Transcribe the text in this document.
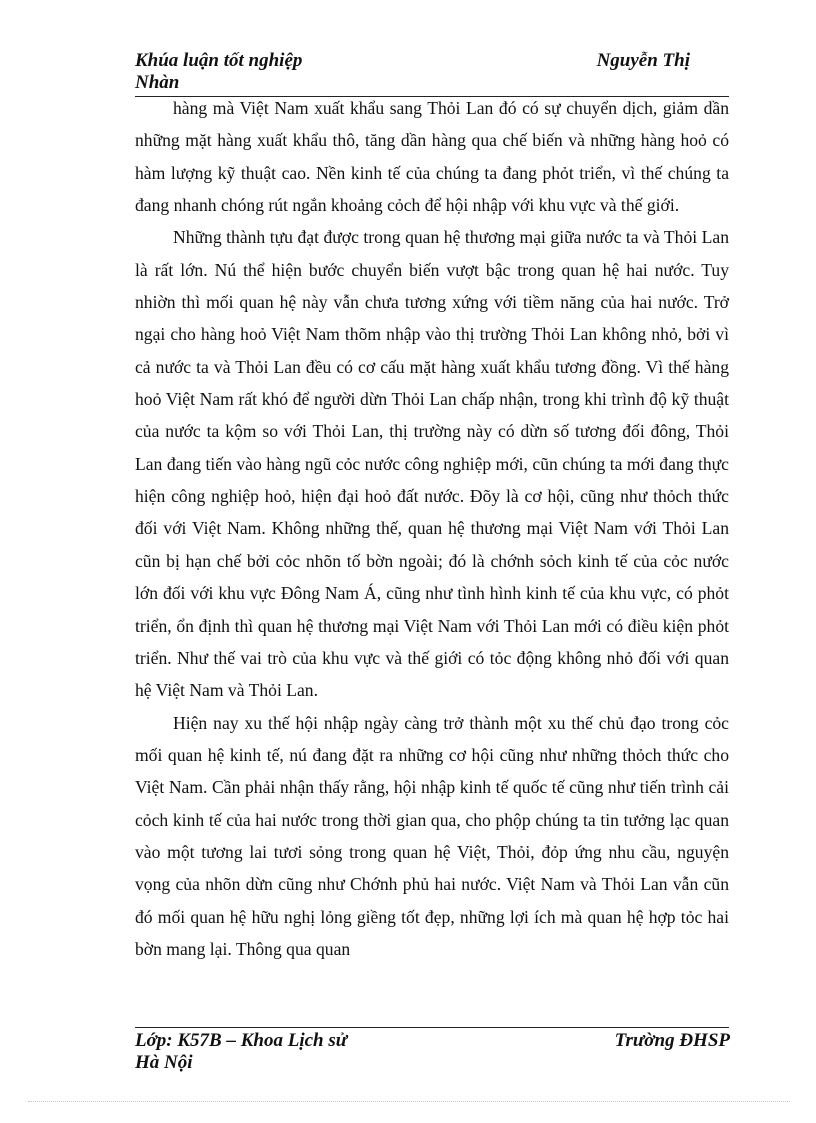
Khúa luận tốt nghiệp	Nguyễn Thị
Nhàn

hàng mà Việt Nam xuất khẩu sang Thỏi Lan đó có sự chuyển dịch, giảm dần những mặt hàng xuất khẩu thô, tăng dần hàng qua chế biến và những hàng hoỏ có hàm lượng kỹ thuật cao. Nền kinh tế của chúng ta đang phỏt triển, vì thế chúng ta đang nhanh chóng rút ngắn khoảng cỏch để hội nhập với khu vực và thế giới.

Những thành tựu đạt được trong quan hệ thương mại giữa nước ta và Thỏi Lan là rất lớn. Nú thể hiện bước chuyển biến vượt bậc trong quan hệ hai nước. Tuy nhiờn thì mối quan hệ này vẫn chưa tương xứng với tiềm năng của hai nước. Trở ngại cho hàng hoỏ Việt Nam thõm nhập vào thị trường Thỏi Lan không nhỏ, bởi vì cả nước ta và Thỏi Lan đều có cơ cấu mặt hàng xuất khẩu tương đồng. Vì thế hàng hoỏ Việt Nam rất khó để người dừn Thỏi Lan chấp nhận, trong khi trình độ kỹ thuật của nước ta kộm so với Thỏi Lan, thị trường này có dừn số tương đối đông, Thỏi Lan đang tiến vào hàng ngũ cỏc nước công nghiệp mới, cũn chúng ta mới đang thực hiện công nghiệp hoỏ, hiện đại hoỏ đất nước. Đõy là cơ hội, cũng như thỏch thức đối với Việt Nam. Không những thế, quan hệ thương mại Việt Nam với Thỏi Lan cũn bị hạn chế bởi cỏc nhõn tố bờn ngoài; đó là chớnh sỏch kinh tế của cỏc nước lớn đối với khu vực Đông Nam Á, cũng như tình hình kinh tế của khu vực, có phỏt triển, ổn định thì quan hệ thương mại Việt Nam với Thỏi Lan mới có điều kiện phỏt triển. Như thế vai trò của khu vực và thế giới có tỏc động không nhỏ đối với quan hệ Việt Nam và Thỏi Lan.

Hiện nay xu thế hội nhập ngày càng trở thành một xu thế chủ đạo trong cỏc mối quan hệ kinh tế, nú đang đặt ra những cơ hội cũng như những thỏch thức cho Việt Nam. Cần phải nhận thấy rằng, hội nhập kinh tế quốc tế cũng như tiến trình cải cỏch kinh tế của hai nước trong thời gian qua, cho phộp chúng ta tin tưởng lạc quan vào một tương lai tươi sỏng trong quan hệ Việt, Thỏi, đỏp ứng nhu cầu, nguyện vọng của nhõn dừn cũng như Chớnh phủ hai nước. Việt Nam và Thỏi Lan vẫn cũn đó mối quan hệ hữu nghị lỏng giềng tốt đẹp, những lợi ích mà quan hệ hợp tỏc hai bờn mang lại. Thông qua quan

Lớp: K57B – Khoa Lịch sử	Trường ĐHSP
Hà Nội
